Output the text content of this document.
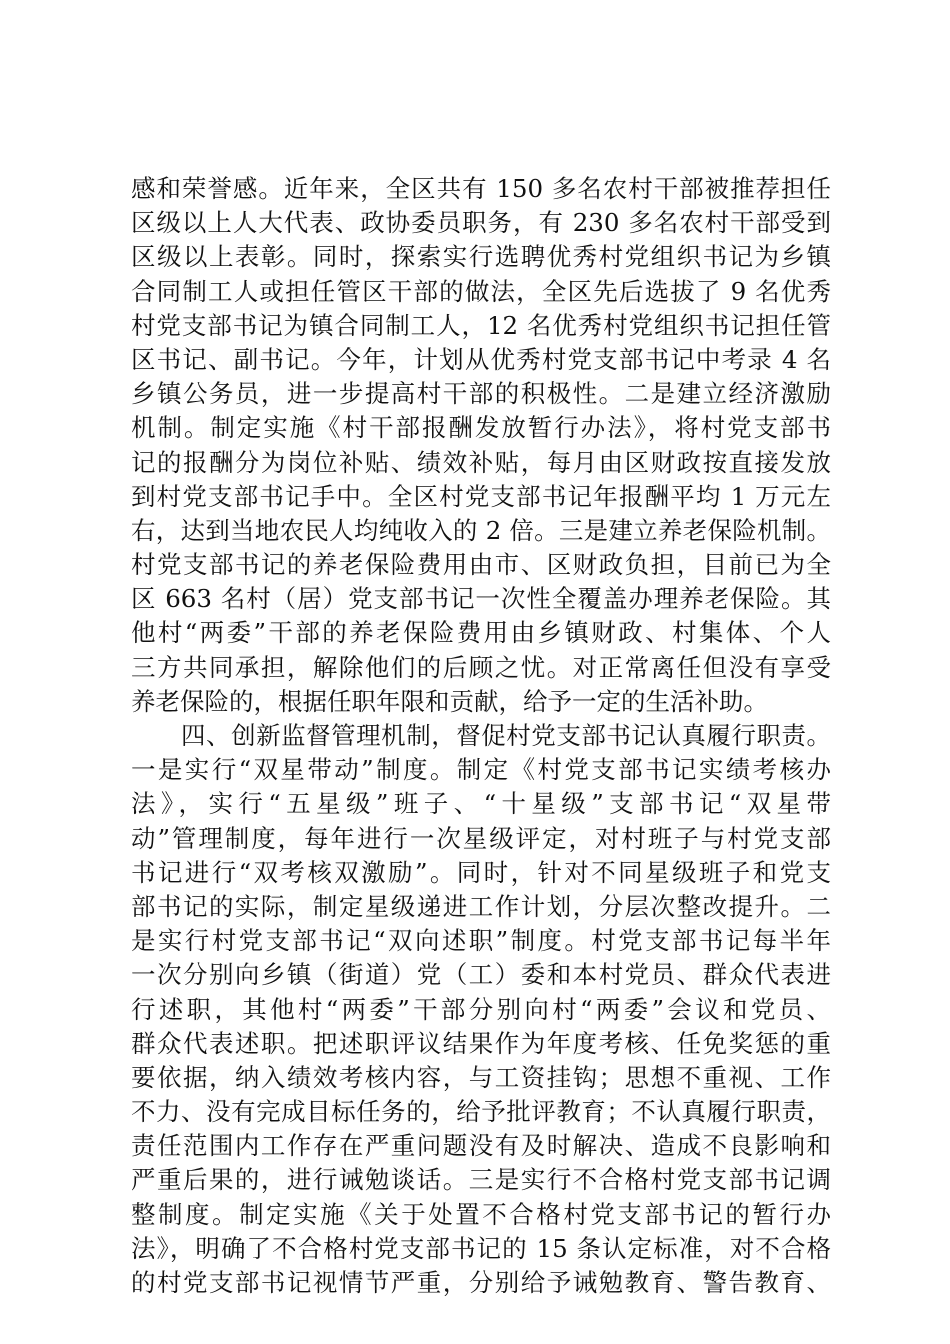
感和荣誉感。近年来，全区共有 150 多名农村干部被推荐担任
区级以上人大代表、政协委员职务，有 230 多名农村干部受到
区级以上表彰。同时，探索实行选聘优秀村党组织书记为乡镇
合同制工人或担任管区干部的做法，全区先后选拔了 9 名优秀
村党支部书记为镇合同制工人，12 名优秀村党组织书记担任管
区书记、副书记。今年，计划从优秀村党支部书记中考录 4 名
乡镇公务员，进一步提高村干部的积极性。二是建立经济激励
机制。制定实施《村干部报酬发放暂行办法》，将村党支部书
记的报酬分为岗位补贴、绩效补贴，每月由区财政按直接发放
到村党支部书记手中。全区村党支部书记年报酬平均 1 万元左
右，达到当地农民人均纯收入的 2 倍。三是建立养老保险机制。
村党支部书记的养老保险费用由市、区财政负担，目前已为全
区 663 名村（居）党支部书记一次性全覆盖办理养老保险。其
他村“两委”干部的养老保险费用由乡镇财政、村集体、个人
三方共同承担，解除他们的后顾之忧。对正常离任但没有享受
养老保险的，根据任职年限和贡献，给予一定的生活补助。
　　四、创新监督管理机制，督促村党支部书记认真履行职责。
一是实行“双星带动”制度。制定《村党支部书记实绩考核办
法》，实行“五星级”班子、“十星级”支部书记“双星带
动”管理制度，每年进行一次星级评定，对村班子与村党支部
书记进行“双考核双激励”。同时，针对不同星级班子和党支
部书记的实际，制定星级递进工作计划，分层次整改提升。二
是实行村党支部书记“双向述职”制度。村党支部书记每半年
一次分别向乡镇（街道）党（工）委和本村党员、群众代表进
行述职，其他村“两委”干部分别向村“两委”会议和党员、
群众代表述职。把述职评议结果作为年度考核、任免奖惩的重
要依据，纳入绩效考核内容，与工资挂钩；思想不重视、工作
不力、没有完成目标任务的，给予批评教育；不认真履行职责，
责任范围内工作存在严重问题没有及时解决、造成不良影响和
严重后果的，进行诫勉谈话。三是实行不合格村党支部书记调
整制度。制定实施《关于处置不合格村党支部书记的暂行办
法》，明确了不合格村党支部书记的 15 条认定标准，对不合格
的村党支部书记视情节严重，分别给予诫勉教育、警告教育、
